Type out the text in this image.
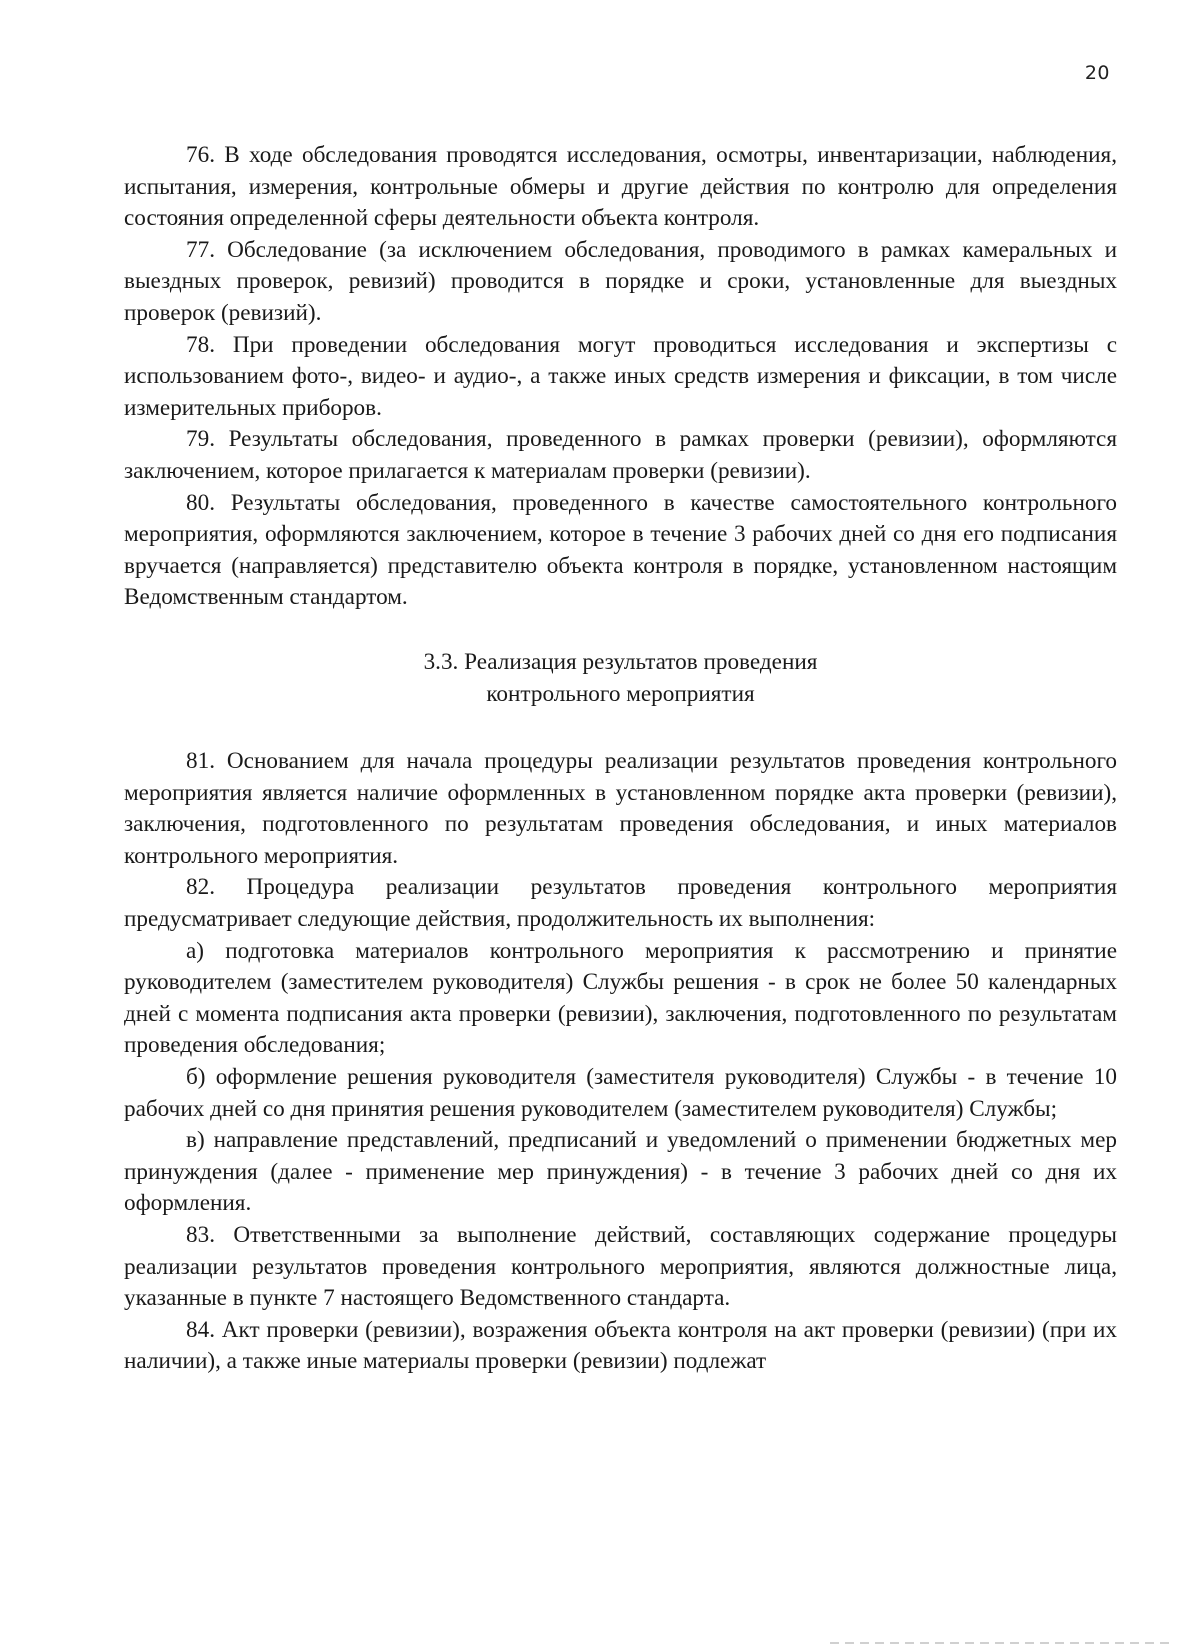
20

76. В ходе обследования проводятся исследования, осмотры, инвентаризации, наблюдения, испытания, измерения, контрольные обмеры и другие действия по контролю для определения состояния определенной сферы деятельности объекта контроля.

77. Обследование (за исключением обследования, проводимого в рамках камеральных и выездных проверок, ревизий) проводится в порядке и сроки, установленные для выездных проверок (ревизий).

78. При проведении обследования могут проводиться исследования и экспертизы с использованием фото-, видео- и аудио-, а также иных средств измерения и фиксации, в том числе измерительных приборов.

79. Результаты обследования, проведенного в рамках проверки (ревизии), оформляются заключением, которое прилагается к материалам проверки (ревизии).

80. Результаты обследования, проведенного в качестве самостоятельного контрольного мероприятия, оформляются заключением, которое в течение 3 рабочих дней со дня его подписания вручается (направляется) представителю объекта контроля в порядке, установленном настоящим Ведомственным стандартом.

3.3. Реализация результатов проведения
контрольного мероприятия

81. Основанием для начала процедуры реализации результатов проведения контрольного мероприятия является наличие оформленных в установленном порядке акта проверки (ревизии), заключения, подготовленного по результатам проведения обследования, и иных материалов контрольного мероприятия.

82. Процедура реализации результатов проведения контрольного мероприятия предусматривает следующие действия, продолжительность их выполнения:

а) подготовка материалов контрольного мероприятия к рассмотрению и принятие руководителем (заместителем руководителя) Службы решения - в срок не более 50 календарных дней с момента подписания акта проверки (ревизии), заключения, подготовленного по результатам проведения обследования;

б) оформление решения руководителя (заместителя руководителя) Службы - в течение 10 рабочих дней со дня принятия решения руководителем (заместителем руководителя) Службы;

в) направление представлений, предписаний и уведомлений о применении бюджетных мер принуждения (далее - применение мер принуждения) - в течение 3 рабочих дней со дня их оформления.

83. Ответственными за выполнение действий, составляющих содержание процедуры реализации результатов проведения контрольного мероприятия, являются должностные лица, указанные в пункте 7 настоящего Ведомственного стандарта.

84. Акт проверки (ревизии), возражения объекта контроля на акт проверки (ревизии) (при их наличии), а также иные материалы проверки (ревизии) подлежат
